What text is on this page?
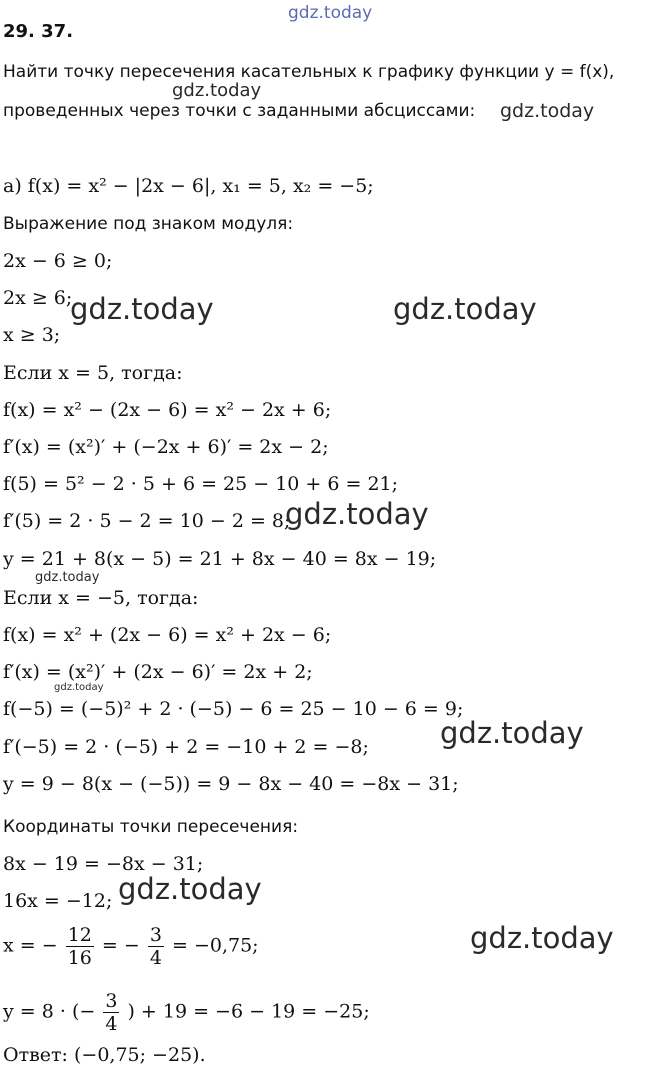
29. 37.
Найти точку пересечения касательных к графику функции y = f(x),
проведенных через точки с заданными абсциссами:
а) f(x) = x² − |2x − 6|, x₁ = 5, x₂ = −5;
Выражение под знаком модуля:
2x − 6 ≥ 0;
2x ≥ 6;
x ≥ 3;
Если x = 5, тогда:
f(x) = x² − (2x − 6) = x² − 2x + 6;
f′(x) = (x²)′ + (−2x + 6)′ = 2x − 2;
f(5) = 5² − 2 · 5 + 6 = 25 − 10 + 6 = 21;
f′(5) = 2 · 5 − 2 = 10 − 2 = 8;
y = 21 + 8(x − 5) = 21 + 8x − 40 = 8x − 19;
Если x = −5, тогда:
f(x) = x² + (2x − 6) = x² + 2x − 6;
f′(x) = (x²)′ + (2x − 6)′ = 2x + 2;
f(−5) = (−5)² + 2 · (−5) − 6 = 25 − 10 − 6 = 9;
f′(−5) = 2 · (−5) + 2 = −10 + 2 = −8;
y = 9 − 8(x − (−5)) = 9 − 8x − 40 = −8x − 31;
Координаты точки пересечения:
8x − 19 = −8x − 31;
16x = −12;
x = − $\frac{12}{16}$ = − $\frac{3}{4} = -0,75$;
y = 8 · (− $\frac{3}{4}$ ) + 19 = −6 − 19 = −25;
Ответ: (−0,75; −25).
gdz.today
gdz.today
gdz.today
gdz.today	gdz.today
gdz.today
gdz.today
gdz.today
gdz.today
gdz.today
gdz.today
